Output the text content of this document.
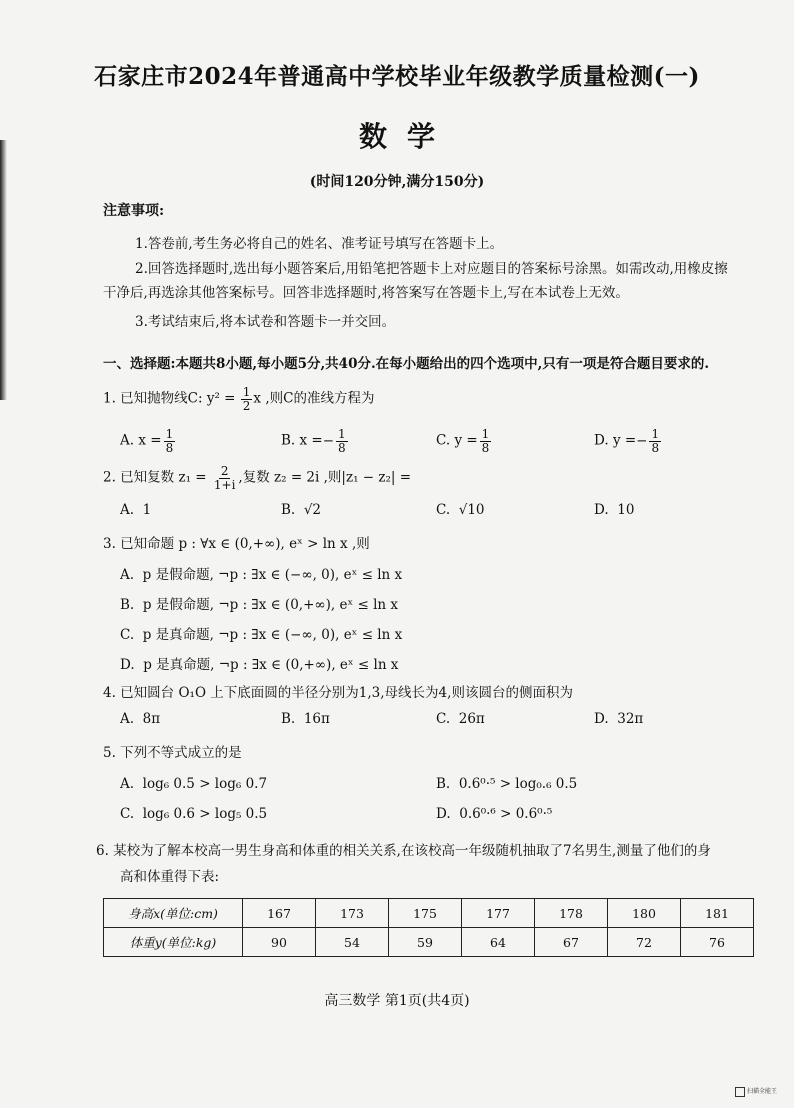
石家庄市2024年普通高中学校毕业年级教学质量检测(一)
数学
(时间120分钟,满分150分)
注意事项:
1.答卷前,考生务必将自己的姓名、准考证号填写在答题卡上。
2.回答选择题时,选出每小题答案后,用铅笔把答题卡上对应题目的答案标号涂黑。如需改动,用橡皮擦
干净后,再选涂其他答案标号。回答非选择题时,将答案写在答题卡上,写在本试卷上无效。
3.考试结束后,将本试卷和答题卡一并交回。
一、选择题:本题共8小题,每小题5分,共40分.在每小题给出的四个选项中,只有一项是符合题目要求的.
1. 已知抛物线C: $y^2 = \frac{1}{2}$ x ,则C的准线方程为
A. $x = \frac{1}{8}$	B. $x =- \frac{1}{8}$	C. $y = \frac{1}{8}$	D. $y =- \frac{1}{8}$
2. 已知复数 $z_1 = \frac{2}{1+i}$ ,复数 z₂ = 2i ,则|z₁ − z₂| =
A. 1	B. √2	C. √10	D. 10
3. 已知命题 p : ∀x ∈ (0,+∞), eˣ > ln x ,则
A. p 是假命题, ¬p : ∃x ∈ (−∞, 0), eˣ ≤ ln x
B. p 是假命题, ¬p : ∃x ∈ (0,+∞), eˣ ≤ ln x
C. p 是真命题, ¬p : ∃x ∈ (−∞, 0), eˣ ≤ ln x
D. p 是真命题, ¬p : ∃x ∈ (0,+∞), eˣ ≤ ln x
4. 已知圆台 O₁O 上下底面圆的半径分别为1,3,母线长为4,则该圆台的侧面积为
A. 8π	B. 16π	C. 26π	D. 32π
5. 下列不等式成立的是
A. log₆ 0.5 > log₆ 0.7	B. 0.6⁰·⁵ > log₀.₆ 0.5
C. log₆ 0.6 > log₅ 0.5	D. 0.6⁰·⁶ > 0.6⁰·⁵
6. 某校为了解本校高一男生身高和体重的相关关系,在该校高一年级随机抽取了7名男生,测量了他们的身
高和体重得下表:
身高x(单位:cm)	167	173	175	177	178	180	181
体重y(单位:kg)	90	54	59	64	67	72	76
高三数学 第1页(共4页)
扫描全能王
